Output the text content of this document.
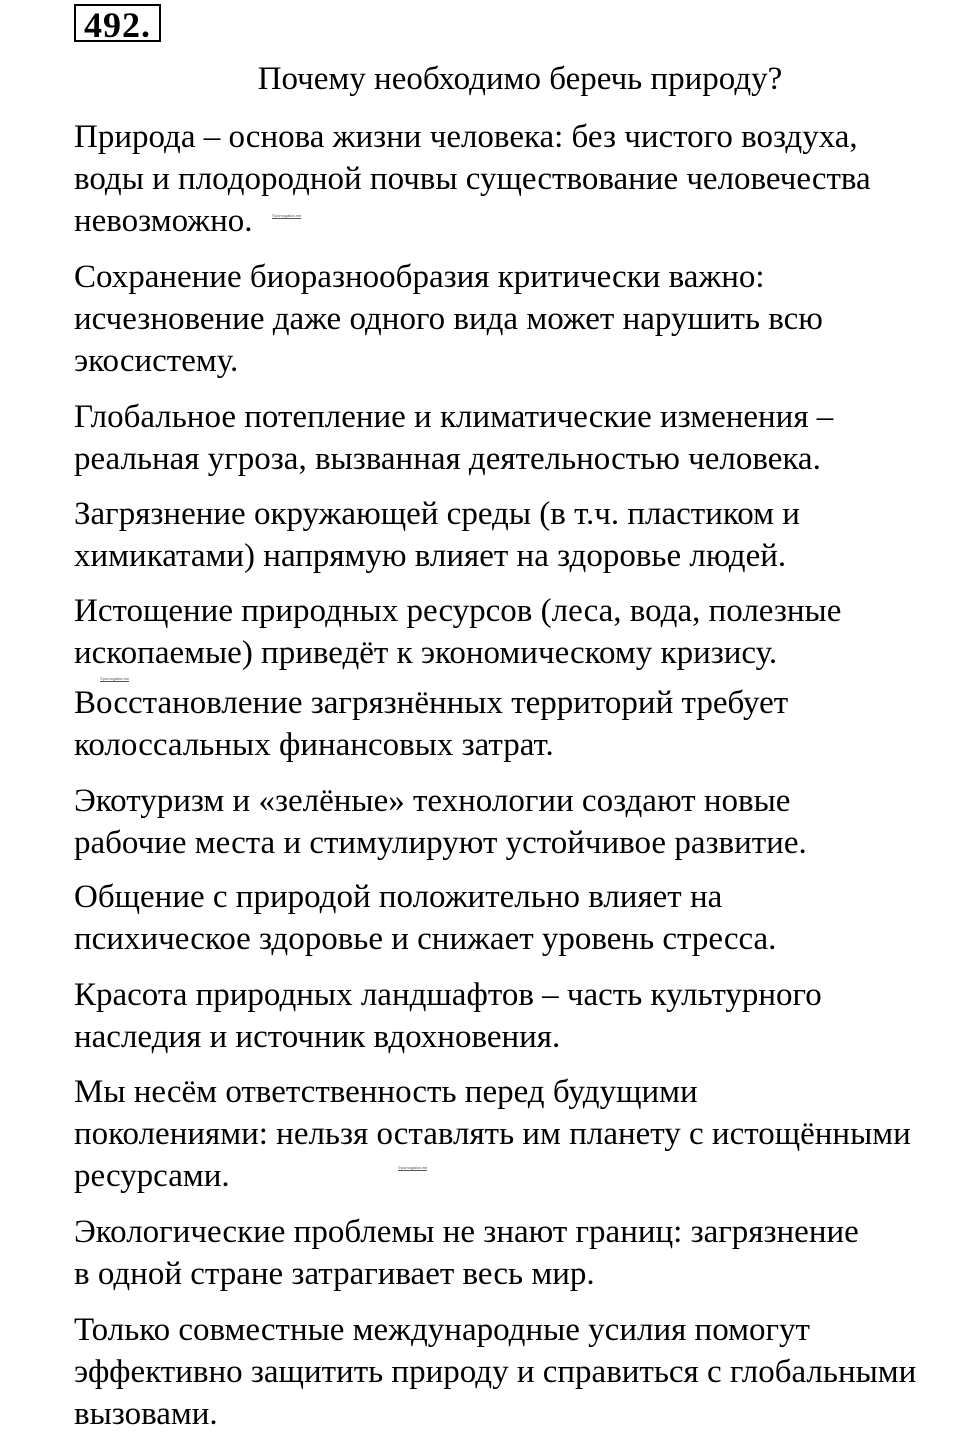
492.
Почему необходимо беречь природу?

Природа – основа жизни человека: без чистого воздуха,
воды и плодородной почвы существование человечества
невозможно.

Сохранение биоразнообразия критически важно:
исчезновение даже одного вида может нарушить всю
экосистему.

Глобальное потепление и климатические изменения –
реальная угроза, вызванная деятельностью человека.

Загрязнение окружающей среды (в т.ч. пластиком и
химикатами) напрямую влияет на здоровье людей.

Истощение природных ресурсов (леса, вода, полезные
ископаемые) приведёт к экономическому кризису.

Восстановление загрязнённых территорий требует
колоссальных финансовых затрат.

Экотуризм и «зелёные» технологии создают новые
рабочие места и стимулируют устойчивое развитие.

Общение с природой положительно влияет на
психическое здоровье и снижает уровень стресса.

Красота природных ландшафтов – часть культурного
наследия и источник вдохновения.

Мы несём ответственность перед будущими
поколениями: нельзя оставлять им планету с истощёнными
ресурсами.

Экологические проблемы не знают границ: загрязнение
в одной стране затрагивает весь мир.

Только совместные международные усилия помогут
эффективно защитить природу и справиться с глобальными
вызовами.

©pomogalka.me
©pomogalka.me
©pomogalka.me
